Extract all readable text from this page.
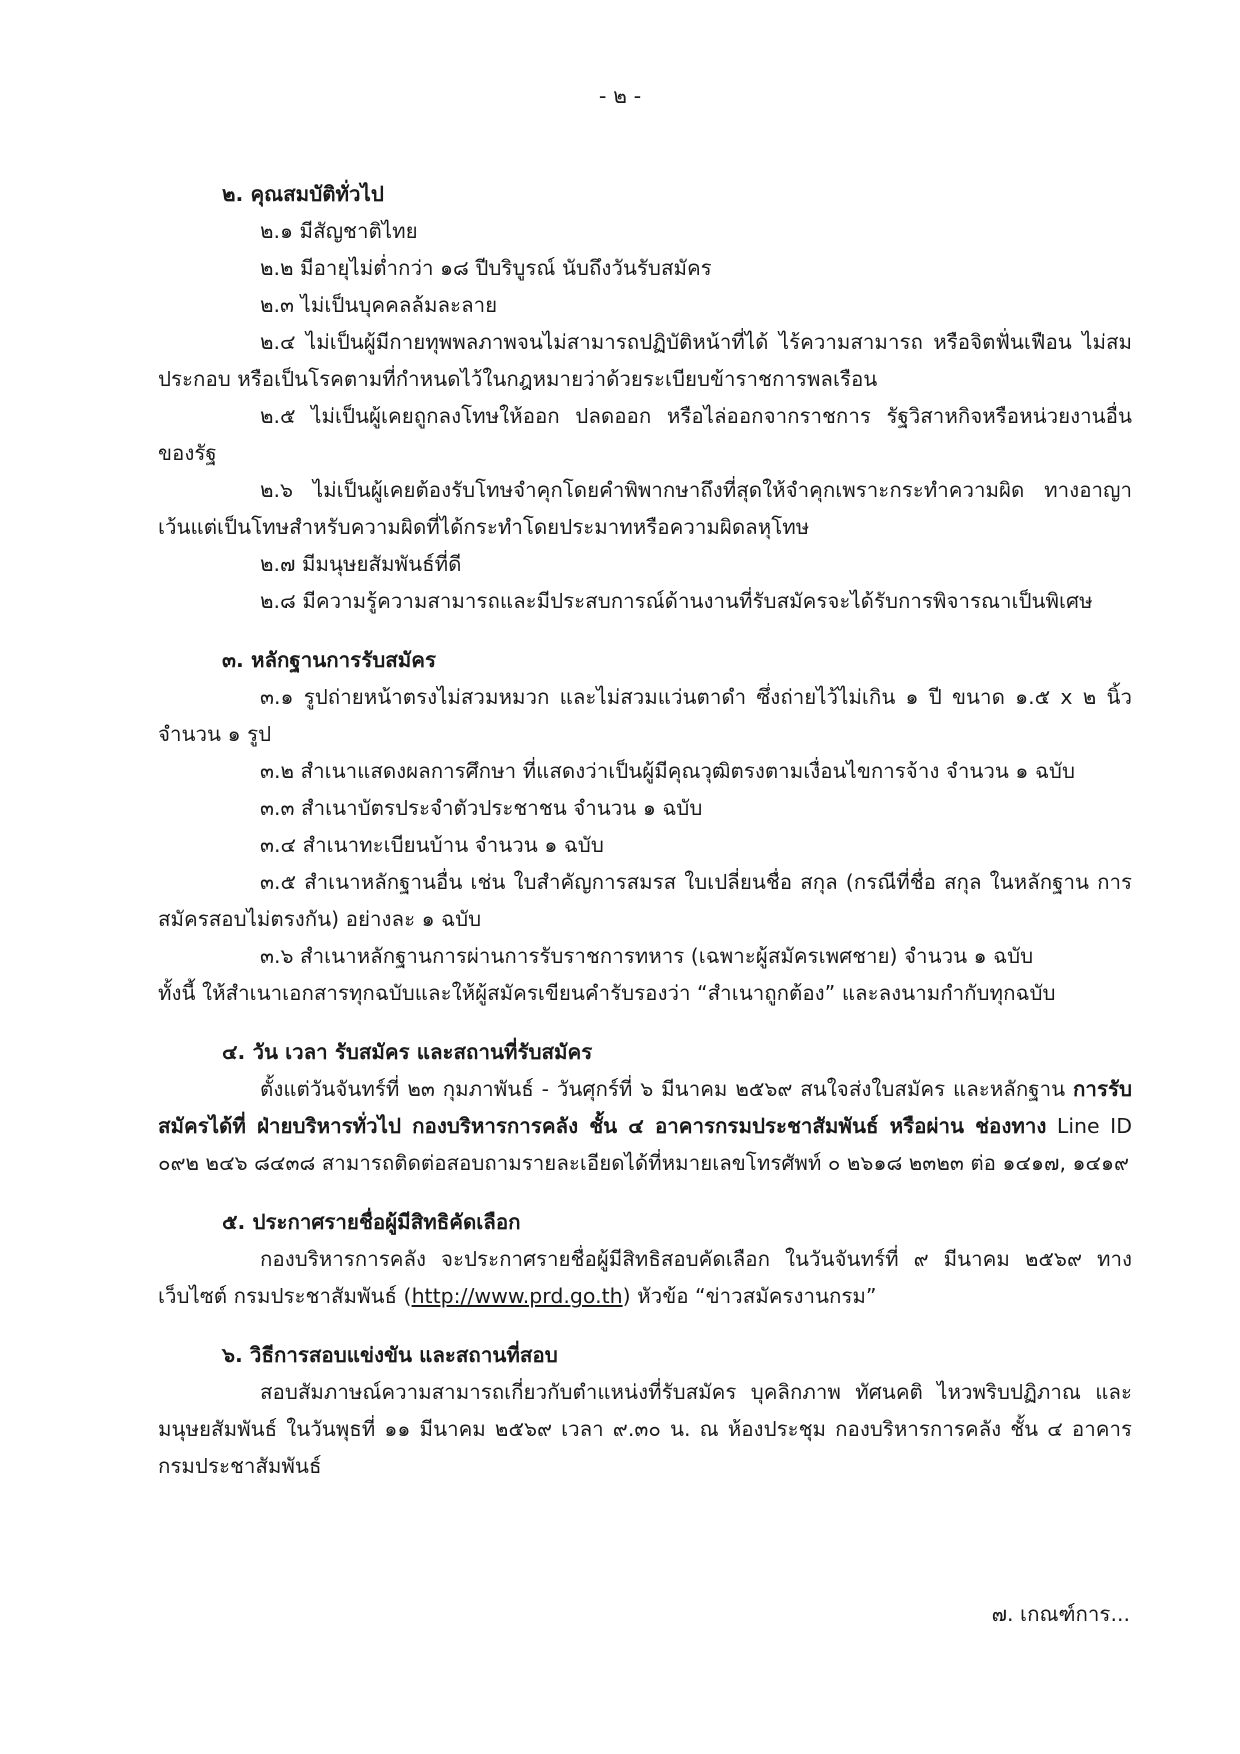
- ๒ -

๒. คุณสมบัติทั่วไป

๒.๑ มีสัญชาติไทย

๒.๒ มีอายุไม่ต่ำกว่า ๑๘ ปีบริบูรณ์ นับถึงวันรับสมัคร

๒.๓ ไม่เป็นบุคคลล้มละลาย

๒.๔ ไม่เป็นผู้มีกายทุพพลภาพจนไม่สามารถปฏิบัติหน้าที่ได้ ไร้ความสามารถ หรือจิตฟั่นเฟือน ไม่สมประกอบ หรือเป็นโรคตามที่กำหนดไว้ในกฎหมายว่าด้วยระเบียบข้าราชการพลเรือน

๒.๕ ไม่เป็นผู้เคยถูกลงโทษให้ออก ปลดออก หรือไล่ออกจากราชการ รัฐวิสาหกิจหรือหน่วยงานอื่นของรัฐ

๒.๖ ไม่เป็นผู้เคยต้องรับโทษจำคุกโดยคำพิพากษาถึงที่สุดให้จำคุกเพราะกระทำความผิด ทางอาญา เว้นแต่เป็นโทษสำหรับความผิดที่ได้กระทำโดยประมาทหรือความผิดลหุโทษ

๒.๗ มีมนุษยสัมพันธ์ที่ดี

๒.๘ มีความรู้ความสามารถและมีประสบการณ์ด้านงานที่รับสมัครจะได้รับการพิจารณาเป็นพิเศษ

๓. หลักฐานการรับสมัคร

๓.๑ รูปถ่ายหน้าตรงไม่สวมหมวก และไม่สวมแว่นตาดำ ซึ่งถ่ายไว้ไม่เกิน ๑ ปี ขนาด ๑.๕ x ๒ นิ้ว จำนวน ๑ รูป

๓.๒ สำเนาแสดงผลการศึกษา ที่แสดงว่าเป็นผู้มีคุณวุฒิตรงตามเงื่อนไขการจ้าง จำนวน ๑ ฉบับ

๓.๓ สำเนาบัตรประจำตัวประชาชน จำนวน ๑ ฉบับ

๓.๔ สำเนาทะเบียนบ้าน จำนวน ๑ ฉบับ

๓.๕ สำเนาหลักฐานอื่น เช่น ใบสำคัญการสมรส ใบเปลี่ยนชื่อ สกุล (กรณีที่ชื่อ สกุล ในหลักฐาน การสมัครสอบไม่ตรงกัน) อย่างละ ๑ ฉบับ

๓.๖ สำเนาหลักฐานการผ่านการรับราชการทหาร (เฉพาะผู้สมัครเพศชาย) จำนวน ๑ ฉบับ

ทั้งนี้ ให้สำเนาเอกสารทุกฉบับและให้ผู้สมัครเขียนคำรับรองว่า “สำเนาถูกต้อง” และลงนามกำกับทุกฉบับ

๔. วัน เวลา รับสมัคร และสถานที่รับสมัคร

ตั้งแต่วันจันทร์ที่ ๒๓ กุมภาพันธ์ - วันศุกร์ที่ ๖ มีนาคม ๒๕๖๙ สนใจส่งใบสมัคร และหลักฐาน การรับสมัครได้ที่ ฝ่ายบริหารทั่วไป กองบริหารการคลัง ชั้น ๔ อาคารกรมประชาสัมพันธ์ หรือผ่าน ช่องทาง Line ID ๐๙๒ ๒๔๖ ๘๔๓๘ สามารถติดต่อสอบถามรายละเอียดได้ที่หมายเลขโทรศัพท์ ๐ ๒๖๑๘ ๒๓๒๓ ต่อ ๑๔๑๗, ๑๔๑๙

๕. ประกาศรายชื่อผู้มีสิทธิคัดเลือก

กองบริหารการคลัง จะประกาศรายชื่อผู้มีสิทธิสอบคัดเลือก ในวันจันทร์ที่ ๙ มีนาคม ๒๕๖๙ ทางเว็บไซต์ กรมประชาสัมพันธ์ (http://www.prd.go.th) หัวข้อ “ข่าวสมัครงานกรม”

๖. วิธีการสอบแข่งขัน และสถานที่สอบ

สอบสัมภาษณ์ความสามารถเกี่ยวกับตำแหน่งที่รับสมัคร บุคลิกภาพ ทัศนคติ ไหวพริบปฏิภาณ และมนุษยสัมพันธ์ ในวันพุธที่ ๑๑ มีนาคม ๒๕๖๙ เวลา ๙.๓๐ น. ณ ห้องประชุม กองบริหารการคลัง ชั้น ๔ อาคารกรมประชาสัมพันธ์

๗. เกณฑ์การ...
